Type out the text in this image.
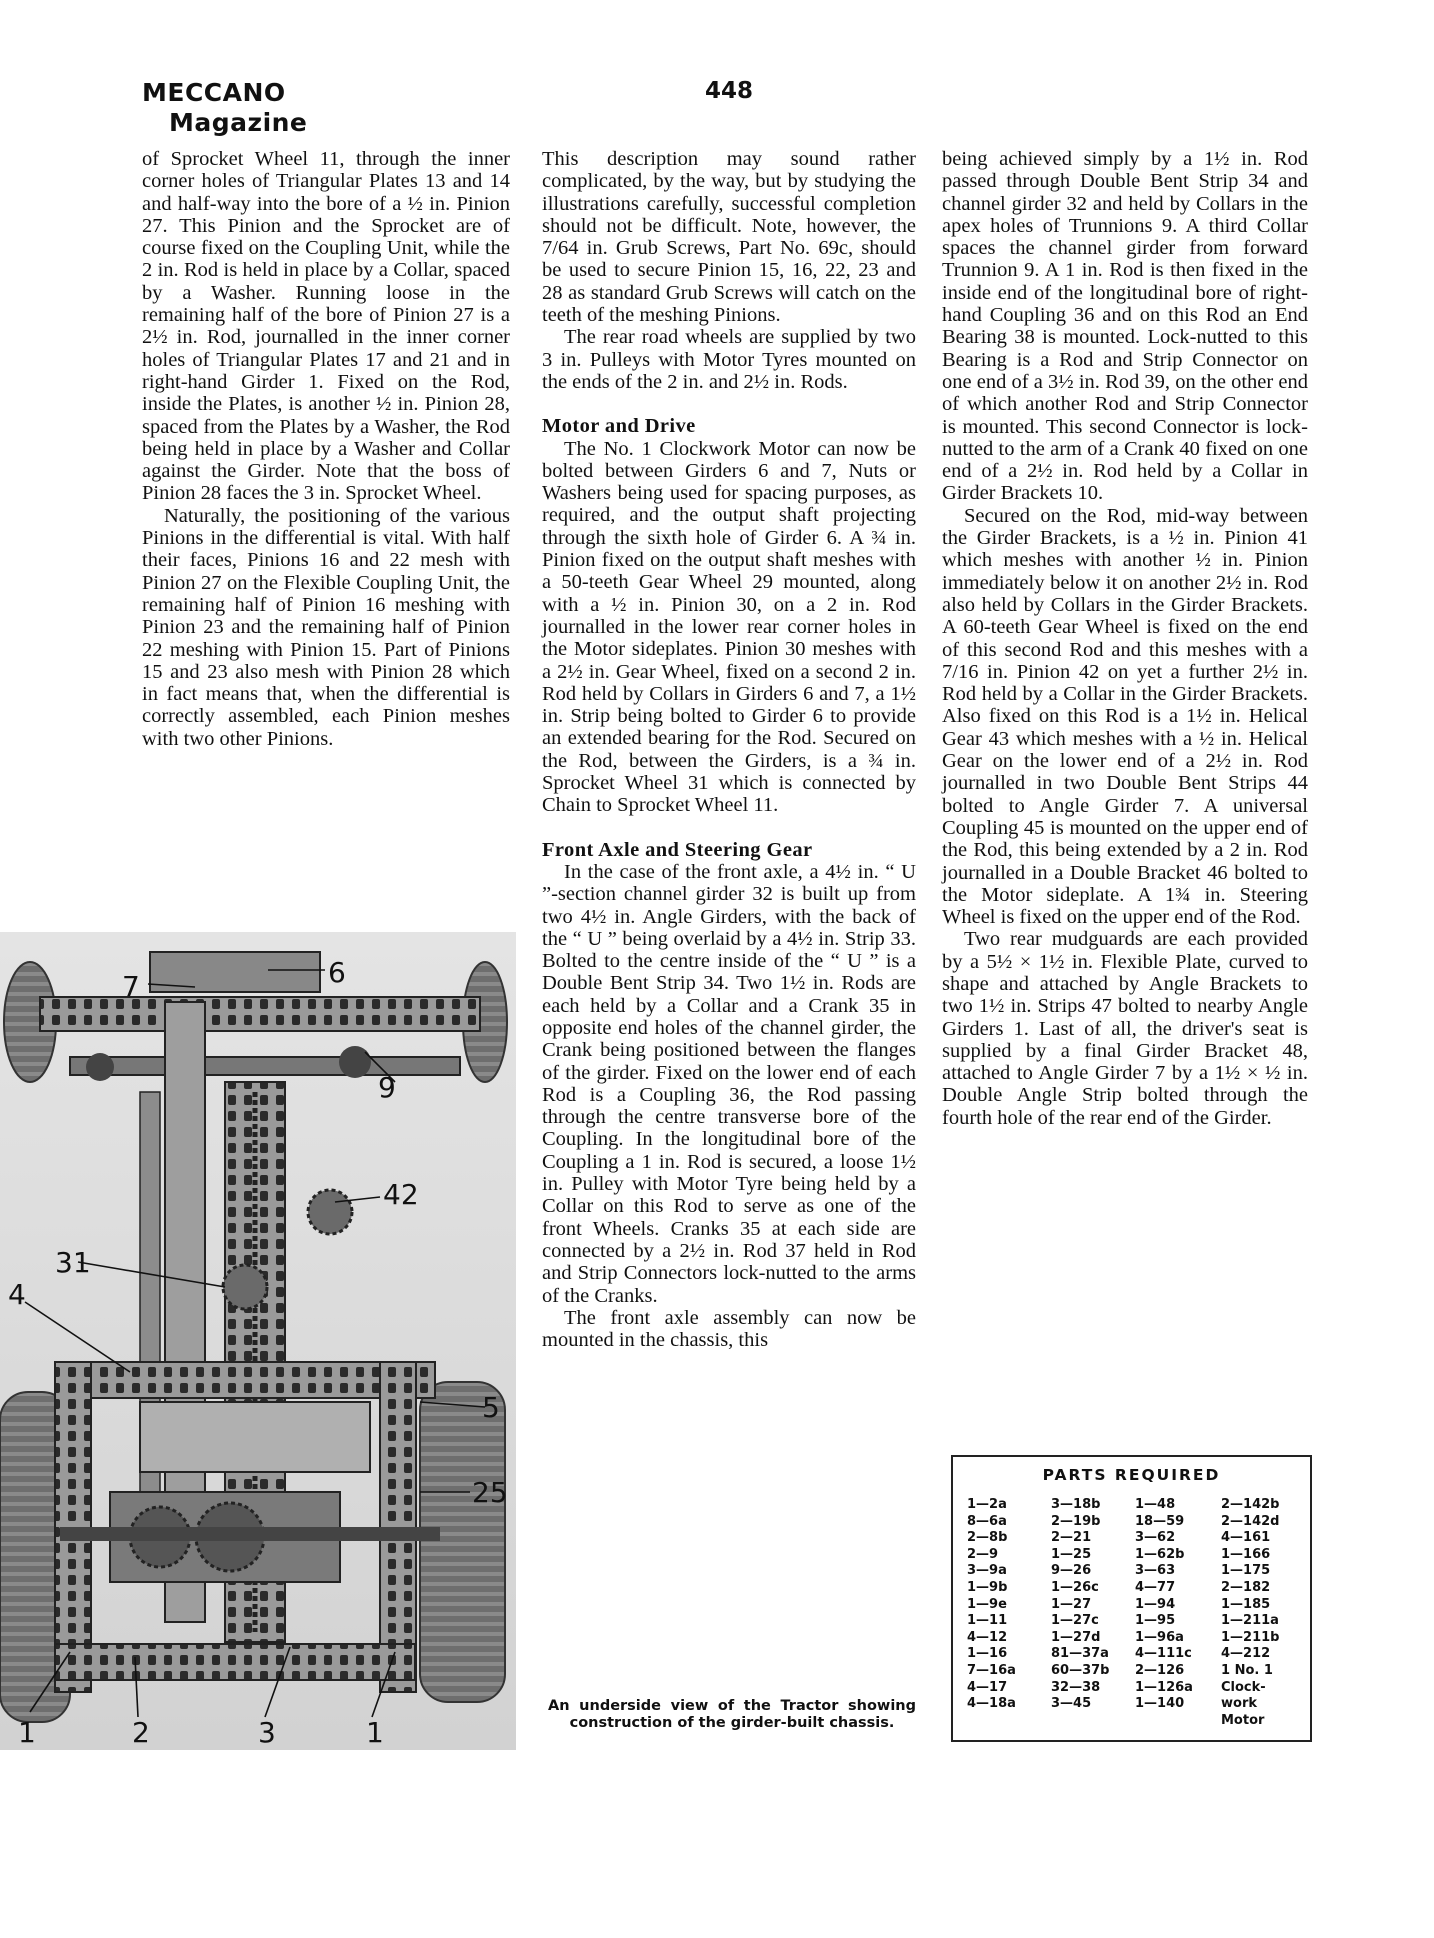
MECCANO
Magazine
448

of Sprocket Wheel 11, through the inner corner holes of Triangular Plates 13 and 14 and half-way into the bore of a ½ in. Pinion 27. This Pinion and the Sprocket are of course fixed on the Coupling Unit, while the 2 in. Rod is held in place by a Collar, spaced by a Washer. Running loose in the remaining half of the bore of Pinion 27 is a 2½ in. Rod, journalled in the inner corner holes of Triangular Plates 17 and 21 and in right-hand Girder 1. Fixed on the Rod, inside the Plates, is another ½ in. Pinion 28, spaced from the Plates by a Washer, the Rod being held in place by a Washer and Collar against the Girder. Note that the boss of Pinion 28 faces the 3 in. Sprocket Wheel.

Naturally, the positioning of the various Pinions in the differential is vital. With half their faces, Pinions 16 and 22 mesh with Pinion 27 on the Flexible Coupling Unit, the remaining half of Pinion 16 meshing with Pinion 23 and the remaining half of Pinion 22 meshing with Pinion 15. Part of Pinions 15 and 23 also mesh with Pinion 28 which in fact means that, when the differential is correctly assembled, each Pinion meshes with two other Pinions.

This description may sound rather complicated, by the way, but by studying the illustrations carefully, successful completion should not be difficult. Note, however, the 7/64 in. Grub Screws, Part No. 69c, should be used to secure Pinion 15, 16, 22, 23 and 28 as standard Grub Screws will catch on the teeth of the meshing Pinions.

The rear road wheels are supplied by two 3 in. Pulleys with Motor Tyres mounted on the ends of the 2 in. and 2½ in. Rods.

Motor and Drive

The No. 1 Clockwork Motor can now be bolted between Girders 6 and 7, Nuts or Washers being used for spacing purposes, as required, and the output shaft projecting through the sixth hole of Girder 6. A ¾ in. Pinion fixed on the output shaft meshes with a 50-teeth Gear Wheel 29 mounted, along with a ½ in. Pinion 30, on a 2 in. Rod journalled in the lower rear corner holes in the Motor sideplates. Pinion 30 meshes with a 2½ in. Gear Wheel, fixed on a second 2 in. Rod held by Collars in Girders 6 and 7, a 1½ in. Strip being bolted to Girder 6 to provide an extended bearing for the Rod. Secured on the Rod, between the Girders, is a ¾ in. Sprocket Wheel 31 which is connected by Chain to Sprocket Wheel 11.

Front Axle and Steering Gear

In the case of the front axle, a 4½ in. “ U ”-section channel girder 32 is built up from two 4½ in. Angle Girders, with the back of the “ U ” being overlaid by a 4½ in. Strip 33. Bolted to the centre inside of the “ U ” is a Double Bent Strip 34. Two 1½ in. Rods are each held by a Collar and a Crank 35 in opposite end holes of the channel girder, the Crank being positioned between the flanges of the girder. Fixed on the lower end of each Rod is a Coupling 36, the Rod passing through the centre transverse bore of the Coupling. In the longitudinal bore of the Coupling a 1 in. Rod is secured, a loose 1½ in. Pulley with Motor Tyre being held by a Collar on this Rod to serve as one of the front Wheels. Cranks 35 at each side are connected by a 2½ in. Rod 37 held in Rod and Strip Connectors lock-nutted to the arms of the Cranks.

The front axle assembly can now be mounted in the chassis, this

being achieved simply by a 1½ in. Rod passed through Double Bent Strip 34 and channel girder 32 and held by Collars in the apex holes of Trunnions 9. A third Collar spaces the channel girder from forward Trunnion 9. A 1 in. Rod is then fixed in the inside end of the longitudinal bore of right-hand Coupling 36 and on this Rod an End Bearing 38 is mounted. Lock-nutted to this Bearing is a Rod and Strip Connector on one end of a 3½ in. Rod 39, on the other end of which another Rod and Strip Connector is mounted. This second Connector is lock-nutted to the arm of a Crank 40 fixed on one end of a 2½ in. Rod held by a Collar in Girder Brackets 10.

Secured on the Rod, mid-way between the Girder Brackets, is a ½ in. Pinion 41 which meshes with another ½ in. Pinion immediately below it on another 2½ in. Rod also held by Collars in the Girder Brackets. A 60-teeth Gear Wheel is fixed on the end of this second Rod and this meshes with a 7/16 in. Pinion 42 on yet a further 2½ in. Rod held by a Collar in the Girder Brackets. Also fixed on this Rod is a 1½ in. Helical Gear 43 which meshes with a ½ in. Helical Gear on the lower end of a 2½ in. Rod journalled in two Double Bent Strips 44 bolted to Angle Girder 7. A universal Coupling 45 is mounted on the upper end of the Rod, this being extended by a 2 in. Rod journalled in a Double Bracket 46 bolted to the Motor sideplate. A 1¾ in. Steering Wheel is fixed on the upper end of the Rod.

Two rear mudguards are each provided by a 5½ × 1½ in. Flexible Plate, curved to shape and attached by Angle Brackets to two 1½ in. Strips 47 bolted to nearby Angle Girders 1. Last of all, the driver's seat is supplied by a final Girder Bracket 48, attached to Angle Girder 7 by a 1½ × ½ in. Double Angle Strip bolted through the fourth hole of the rear end of the Girder.

7	6
9
42
31
4
5
25
1	2	3	1
An underside view of the Tractor showing construction of the girder-built chassis.
PARTS REQUIRED
1—2a	3—18b	1—48	2—142b
8—6a	2—19b	18—59	2—142d
2—8b	2—21	3—62	4—161
2—9	1—25	1—62b	1—166
3—9a	9—26	3—63	1—175
1—9b	1—26c	4—77	2—182
1—9e	1—27	1—94	1—185
1—11	1—27c	1—95	1—211a
4—12	1—27d	1—96a	1—211b
1—16	81—37a	4—111c	4—212
7—16a	60—37b	2—126	1 No. 1
4—17	32—38	1—126a	Clock-
4—18a	3—45	1—140	work
Motor
